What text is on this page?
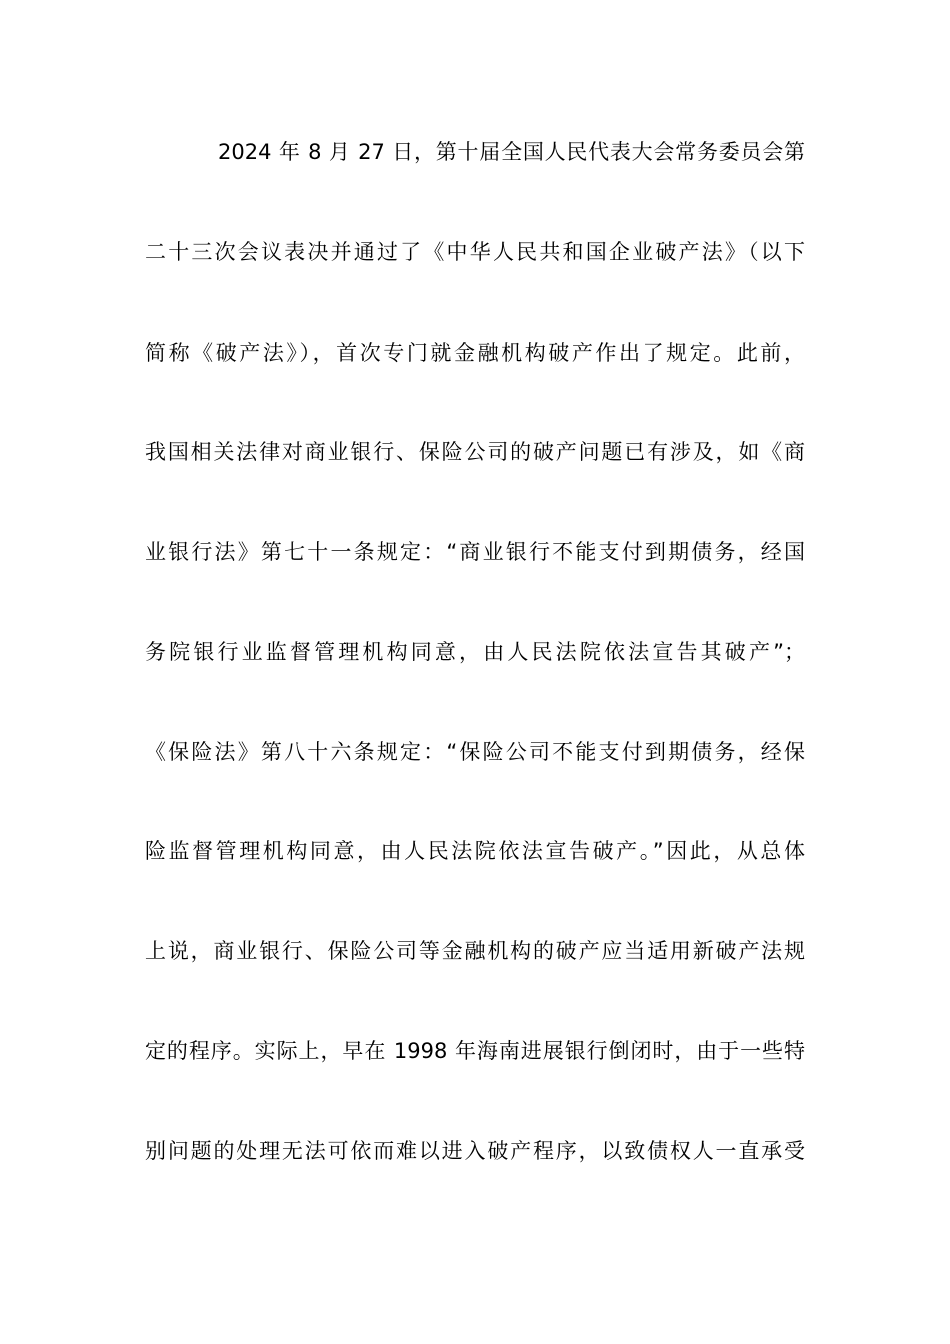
2024 年 8 月 27 日，第十届全国人民代表大会常务委员会第
二十三次会议表决并通过了《中华人民共和国企业破产法》（以下
简称《破产法》），首次专门就金融机构破产作出了规定。此前，
我国相关法律对商业银行、保险公司的破产问题已有涉及，如《商
业银行法》第七十一条规定：“商业银行不能支付到期债务，经国
务院银行业监督管理机构同意，由人民法院依法宣告其破产”；
《保险法》第八十六条规定：“保险公司不能支付到期债务，经保
险监督管理机构同意，由人民法院依法宣告破产。”因此，从总体
上说，商业银行、保险公司等金融机构的破产应当适用新破产法规
定的程序。实际上，早在 1998 年海南进展银行倒闭时，由于一些特
别问题的处理无法可依而难以进入破产程序，以致债权人一直承受
